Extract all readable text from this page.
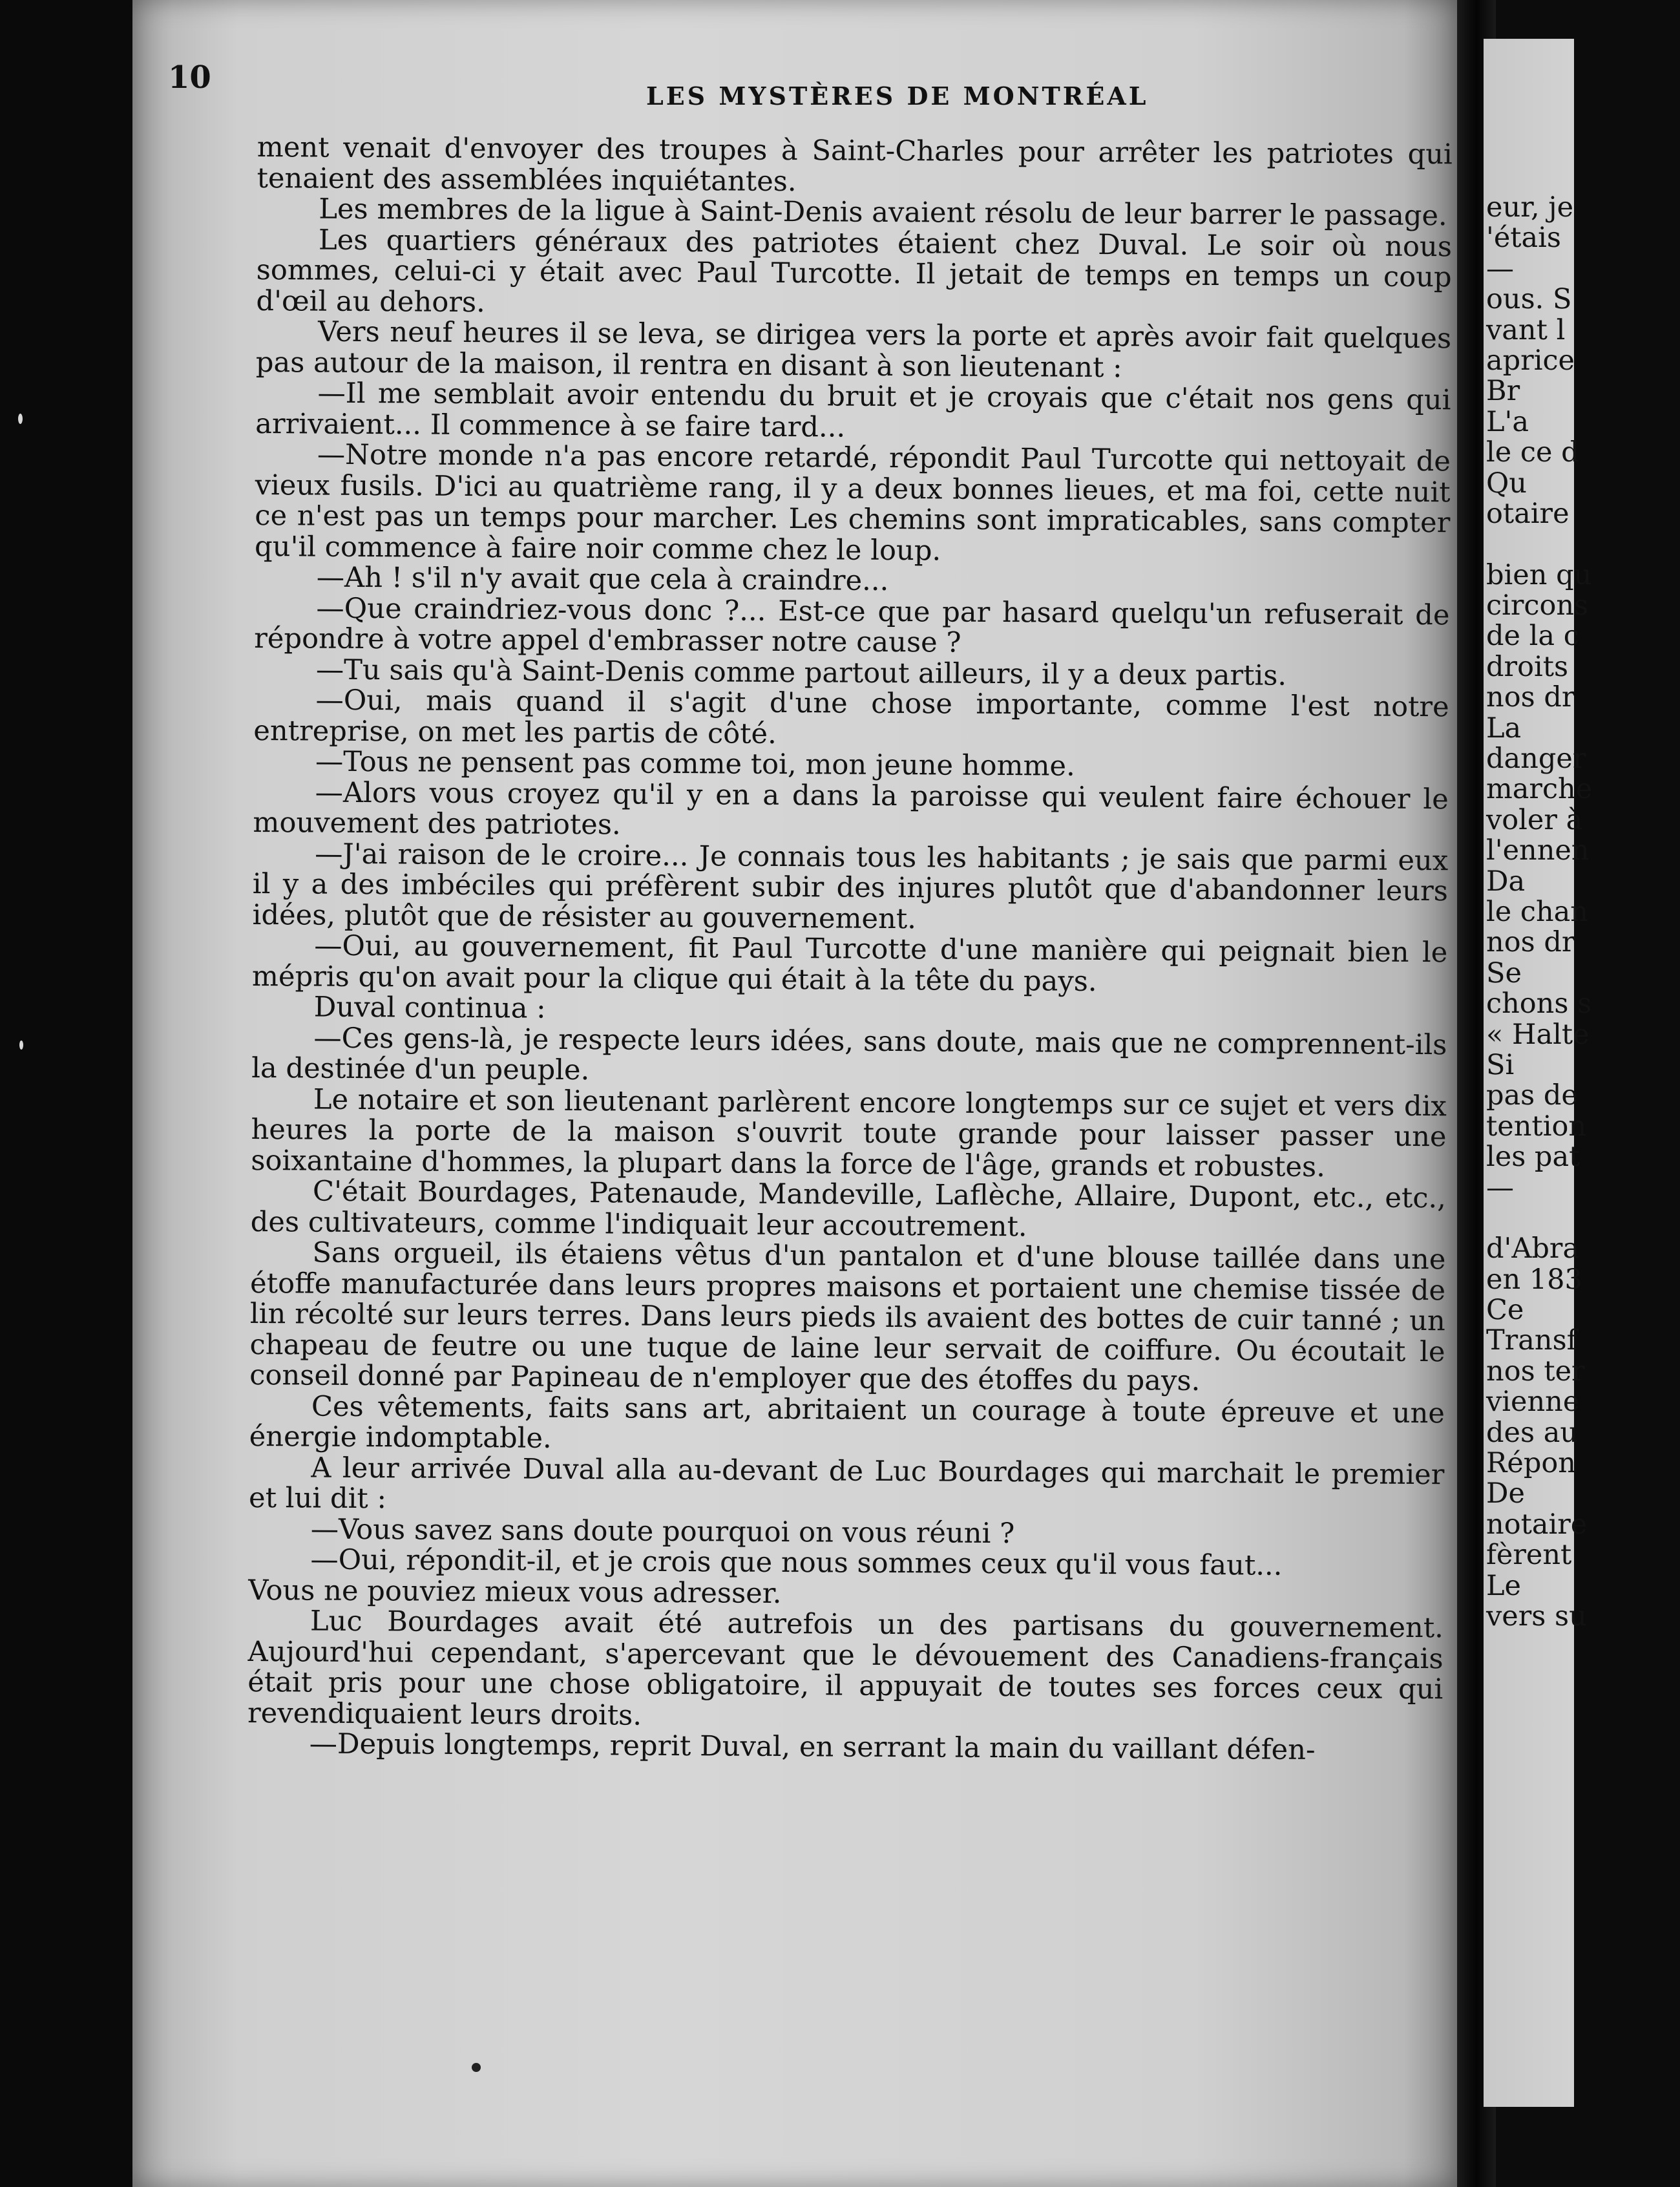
10
LES MYSTÈRES DE MONTRÉAL

ment venait d'envoyer des troupes à Saint-Charles pour arrêter les patriotes qui tenaient des assemblées inquiétantes.

Les membres de la ligue à Saint-Denis avaient résolu de leur barrer le passage.

Les quartiers généraux des patriotes étaient chez Duval. Le soir où nous sommes, celui-ci y était avec Paul Turcotte. Il jetait de temps en temps un coup d'œil au dehors.

Vers neuf heures il se leva, se dirigea vers la porte et après avoir fait quelques pas autour de la maison, il rentra en disant à son lieutenant :

—Il me semblait avoir entendu du bruit et je croyais que c'était nos gens qui arrivaient... Il commence à se faire tard...

—Notre monde n'a pas encore retardé, répondit Paul Turcotte qui nettoyait de vieux fusils. D'ici au quatrième rang, il y a deux bonnes lieues, et ma foi, cette nuit ce n'est pas un temps pour marcher. Les chemins sont impraticables, sans compter qu'il commence à faire noir comme chez le loup.

—Ah ! s'il n'y avait que cela à craindre...

—Que craindriez-vous donc ?... Est-ce que par hasard quelqu'un refuserait de répondre à votre appel d'embrasser notre cause ?

—Tu sais qu'à Saint-Denis comme partout ailleurs, il y a deux partis.

—Oui, mais quand il s'agit d'une chose importante, comme l'est notre entreprise, on met les partis de côté.

—Tous ne pensent pas comme toi, mon jeune homme.

—Alors vous croyez qu'il y en a dans la paroisse qui veulent faire échouer le mouvement des patriotes.

—J'ai raison de le croire... Je connais tous les habitants ; je sais que parmi eux il y a des imbéciles qui préfèrent subir des injures plutôt que d'abandonner leurs idées, plutôt que de résister au gouvernement.

—Oui, au gouvernement, fit Paul Turcotte d'une manière qui peignait bien le mépris qu'on avait pour la clique qui était à la tête du pays.

Duval continua :

—Ces gens-là, je respecte leurs idées, sans doute, mais que ne comprennent-ils la destinée d'un peuple.

Le notaire et son lieutenant parlèrent encore longtemps sur ce sujet et vers dix heures la porte de la maison s'ouvrit toute grande pour laisser passer une soixantaine d'hommes, la plupart dans la force de l'âge, grands et robustes.

C'était Bourdages, Patenaude, Mandeville, Laflèche, Allaire, Dupont, etc., etc., des cultivateurs, comme l'indiquait leur accoutrement.

Sans orgueil, ils étaiens vêtus d'un pantalon et d'une blouse taillée dans une étoffe manufacturée dans leurs propres maisons et portaient une chemise tissée de lin récolté sur leurs terres. Dans leurs pieds ils avaient des bottes de cuir tanné ; un chapeau de feutre ou une tuque de laine leur servait de coiffure. Ou écoutait le conseil donné par Papineau de n'employer que des étoffes du pays.

Ces vêtements, faits sans art, abritaient un courage à toute épreuve et une énergie indomptable.

A leur arrivée Duval alla au-devant de Luc Bourdages qui marchait le premier et lui dit :

—Vous savez sans doute pourquoi on vous réuni ?

—Oui, répondit-il, et je crois que nous sommes ceux qu'il vous faut...

Vous ne pouviez mieux vous adresser.

Luc Bourdages avait été autrefois un des partisans du gouvernement. Aujourd'hui cependant, s'apercevant que le dévouement des Canadiens-français était pris pour une chose obligatoire, il appuyait de toutes ses forces ceux qui revendiquaient leurs droits.

—Depuis longtemps, reprit Duval, en serrant la main du vaillant défen-

eur, je
'étais
—
ous. S
vant l
aprice
Br
L'a
le ce d
Qu
otaire
bien qu
circons
de la c
droits
nos dr
La
danger
marche
voler à
l'ennen
Da
le chan
nos dr
Se
chons s
« Halte
Si
pas de
tention
les pat
—
d'Abra
en 183
Ce
Transf
nos ter
vienne
des au
Répon
De
notaire
fèrent
Le
vers su
